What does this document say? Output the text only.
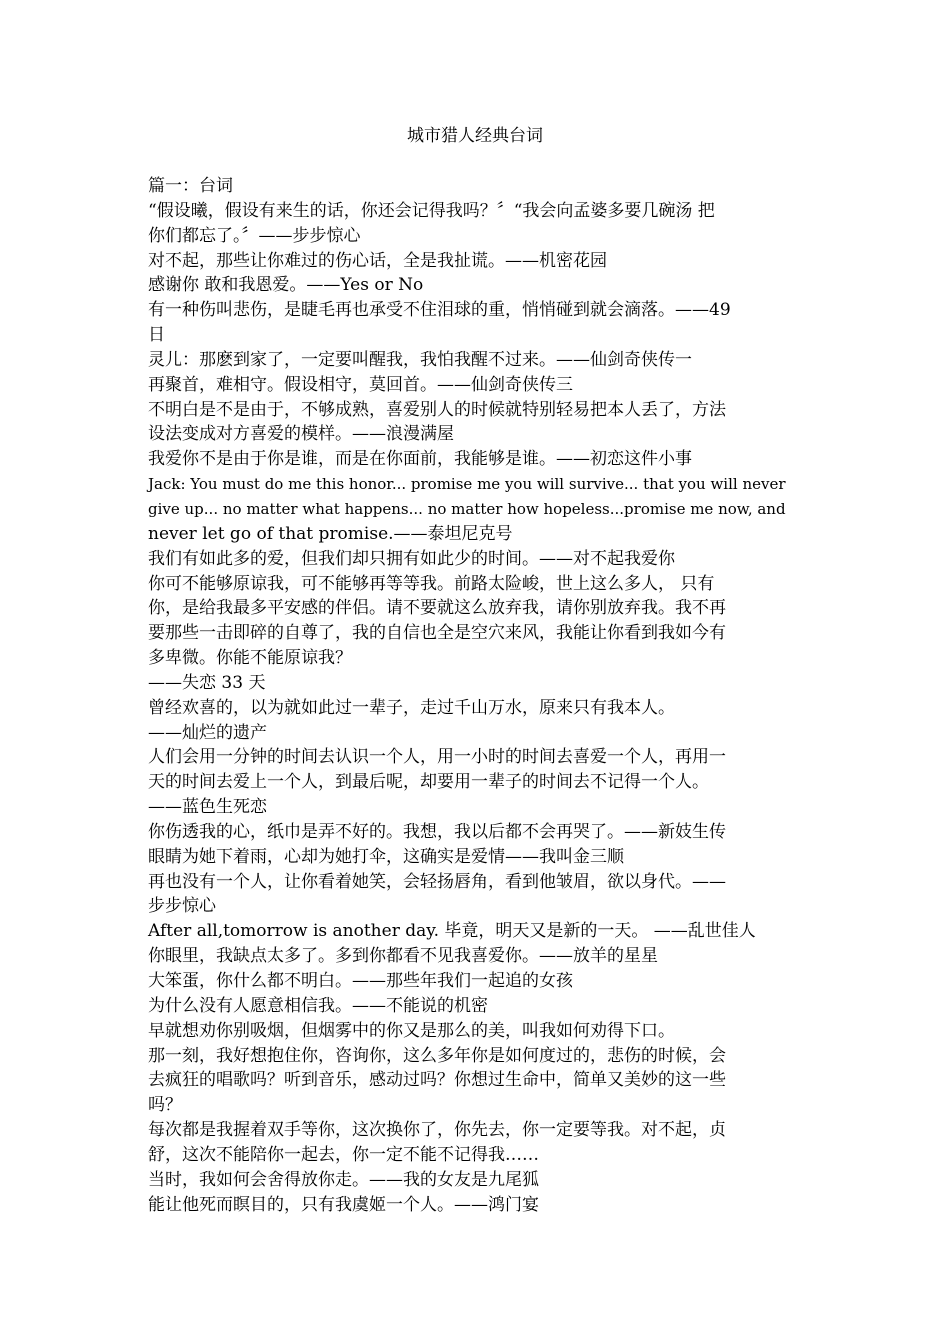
城市猎人经典台词
篇一：台词
“假设曦，假设有来生的话，你还会记得我吗？〞“我会向孟婆多要几碗汤 把
你们都忘了。〞——步步惊心
对不起，那些让你难过的伤心话，全是我扯谎。——机密花园
感谢你 敢和我恩爱。——Yes or No
有一种伤叫悲伤，是睫毛再也承受不住泪球的重，悄悄碰到就会滴落。——49
日
灵儿：那麽到家了，一定要叫醒我，我怕我醒不过来。——仙剑奇侠传一
再聚首，难相守。假设相守，莫回首。——仙剑奇侠传三
不明白是不是由于，不够成熟，喜爱别人的时候就特别轻易把本人丢了，方法
设法变成对方喜爱的模样。——浪漫满屋
我爱你不是由于你是谁，而是在你面前，我能够是谁。——初恋这件小事
Jack: You must do me this honor... promise me you will survive... that you will never
give up... no matter what happens... no matter how hopeless...promise me now, and
never let go of that promise.——泰坦尼克号
我们有如此多的爱，但我们却只拥有如此少的时间。——对不起我爱你
你可不能够原谅我，可不能够再等等我。前路太险峻，世上这么多人， 只有
你，是给我最多平安感的伴侣。请不要就这么放弃我，请你别放弃我。我不再
要那些一击即碎的自尊了，我的自信也全是空穴来风，我能让你看到我如今有
多卑微。你能不能原谅我？
——失恋 33 天
曾经欢喜的，以为就如此过一辈子，走过千山万水，原来只有我本人。
——灿烂的遗产
人们会用一分钟的时间去认识一个人，用一小时的时间去喜爱一个人，再用一
天的时间去爱上一个人，到最后呢，却要用一辈子的时间去不记得一个人。
——蓝色生死恋
你伤透我的心，纸巾是弄不好的。我想，我以后都不会再哭了。——新妓生传
眼睛为她下着雨，心却为她打伞，这确实是爱情——我叫金三顺
再也没有一个人，让你看着她笑，会轻扬唇角，看到他皱眉，欲以身代。——
步步惊心
After all,tomorrow is another day. 毕竟，明天又是新的一天。 ——乱世佳人
你眼里，我缺点太多了。多到你都看不见我喜爱你。——放羊的星星
大笨蛋，你什么都不明白。——那些年我们一起追的女孩
为什么没有人愿意相信我。——不能说的机密
早就想劝你别吸烟，但烟雾中的你又是那么的美，叫我如何劝得下口。
那一刻，我好想抱住你，咨询你，这么多年你是如何度过的，悲伤的时候，会
去疯狂的唱歌吗？听到音乐，感动过吗？你想过生命中，简单又美妙的这一些
吗？
每次都是我握着双手等你，这次换你了，你先去，你一定要等我。对不起，贞
舒，这次不能陪你一起去，你一定不能不记得我……
当时，我如何会舍得放你走。——我的女友是九尾狐
能让他死而瞑目的，只有我虞姬一个人。——鸿门宴
